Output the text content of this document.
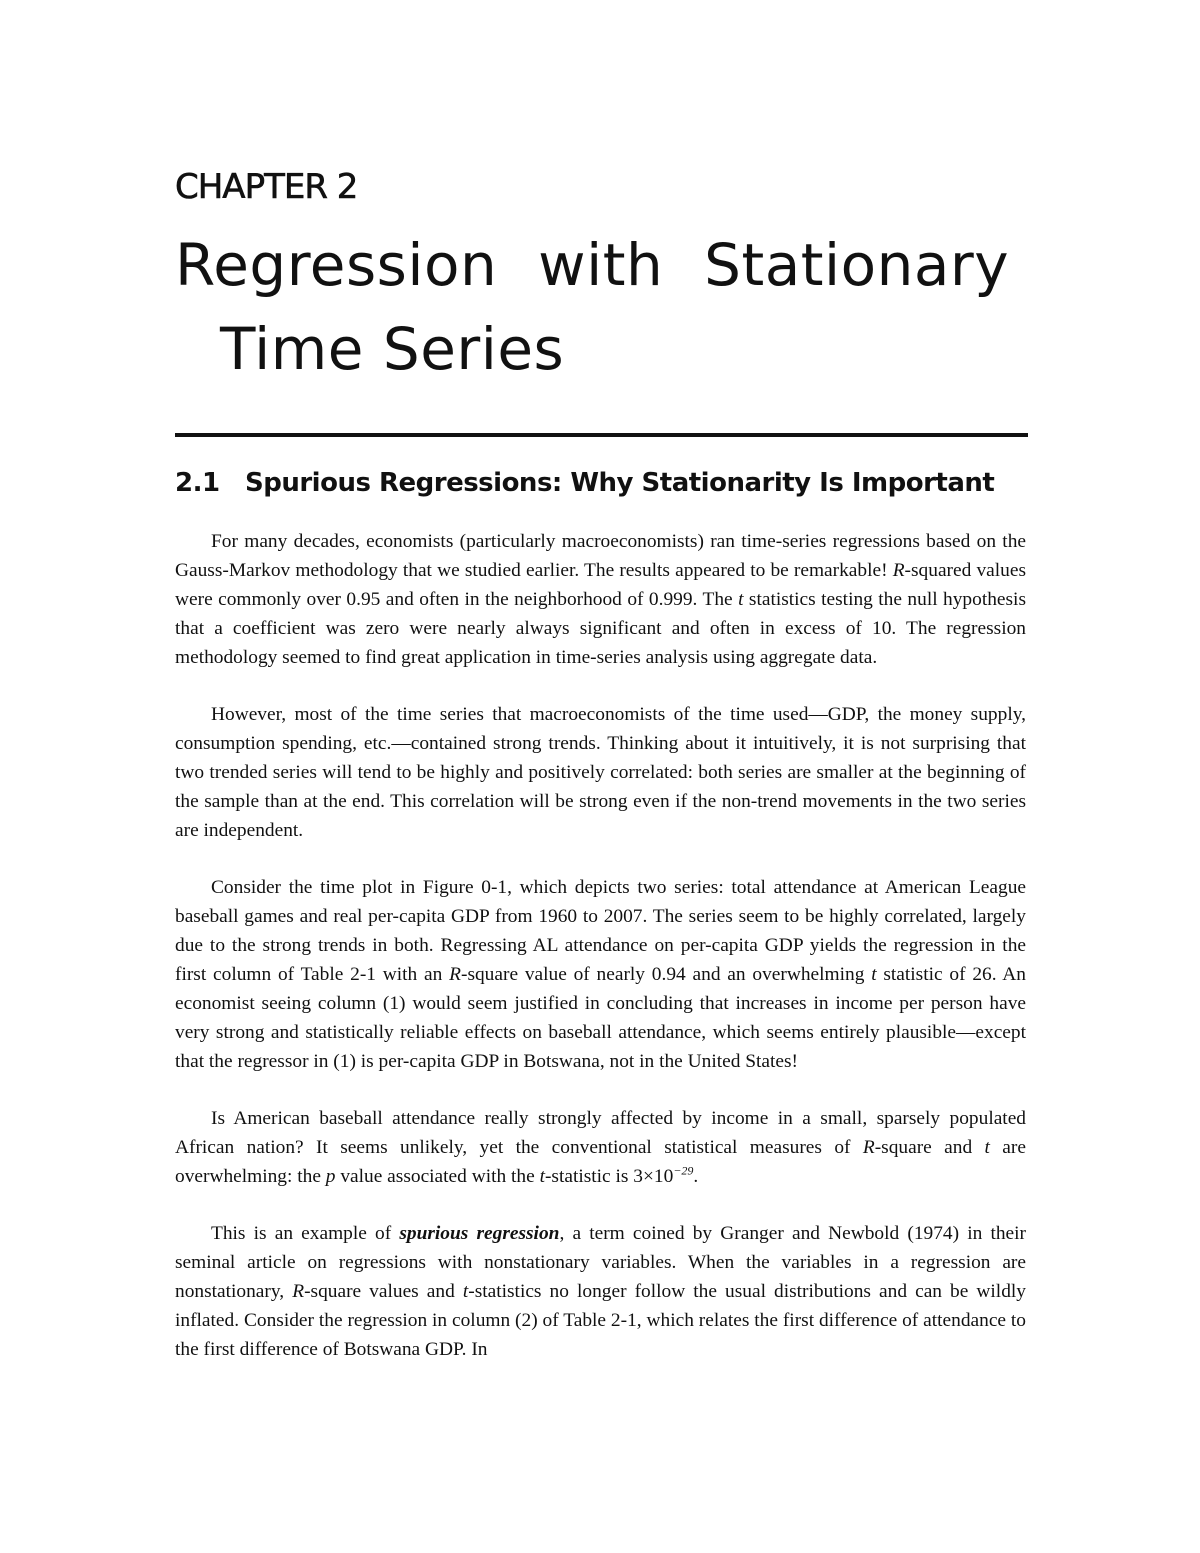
CHAPTER 2
Regression with Stationary
Time Series
2.1 Spurious Regressions: Why Stationarity Is Important

For many decades, economists (particularly macroeconomists) ran time-series regressions based on the Gauss-Markov methodology that we studied earlier. The results appeared to be remarkable! R-squared values were commonly over 0.95 and often in the neighborhood of 0.999. The t statistics testing the null hypothesis that a coefficient was zero were nearly always significant and often in excess of 10. The regression methodology seemed to find great application in time-series analysis using aggregate data.

However, most of the time series that macroeconomists of the time used—GDP, the money supply, consumption spending, etc.—contained strong trends. Thinking about it intuitively, it is not surprising that two trended series will tend to be highly and positively correlated: both series are smaller at the beginning of the sample than at the end. This correlation will be strong even if the non-trend movements in the two series are independent.

Consider the time plot in Figure 0-1, which depicts two series: total attendance at American League baseball games and real per-capita GDP from 1960 to 2007. The series seem to be highly correlated, largely due to the strong trends in both. Regressing AL attendance on per-capita GDP yields the regression in the first column of Table 2-1 with an R-square value of nearly 0.94 and an overwhelming t statistic of 26. An economist seeing column (1) would seem justified in concluding that increases in income per person have very strong and statistically reliable effects on baseball attendance, which seems entirely plausible—except that the regressor in (1) is per-capita GDP in Botswana, not in the United States!

Is American baseball attendance really strongly affected by income in a small, sparsely populated African nation? It seems unlikely, yet the conventional statistical measures of R-square and t are overwhelming: the p value associated with the t-statistic is $3\times 10^{-29}$.

This is an example of spurious regression, a term coined by Granger and Newbold (1974) in their seminal article on regressions with nonstationary variables. When the variables in a regression are nonstationary, R-square values and t-statistics no longer follow the usual distributions and can be wildly inflated. Consider the regression in column (2) of Table 2-1, which relates the first difference of attendance to the first difference of Botswana GDP. In
